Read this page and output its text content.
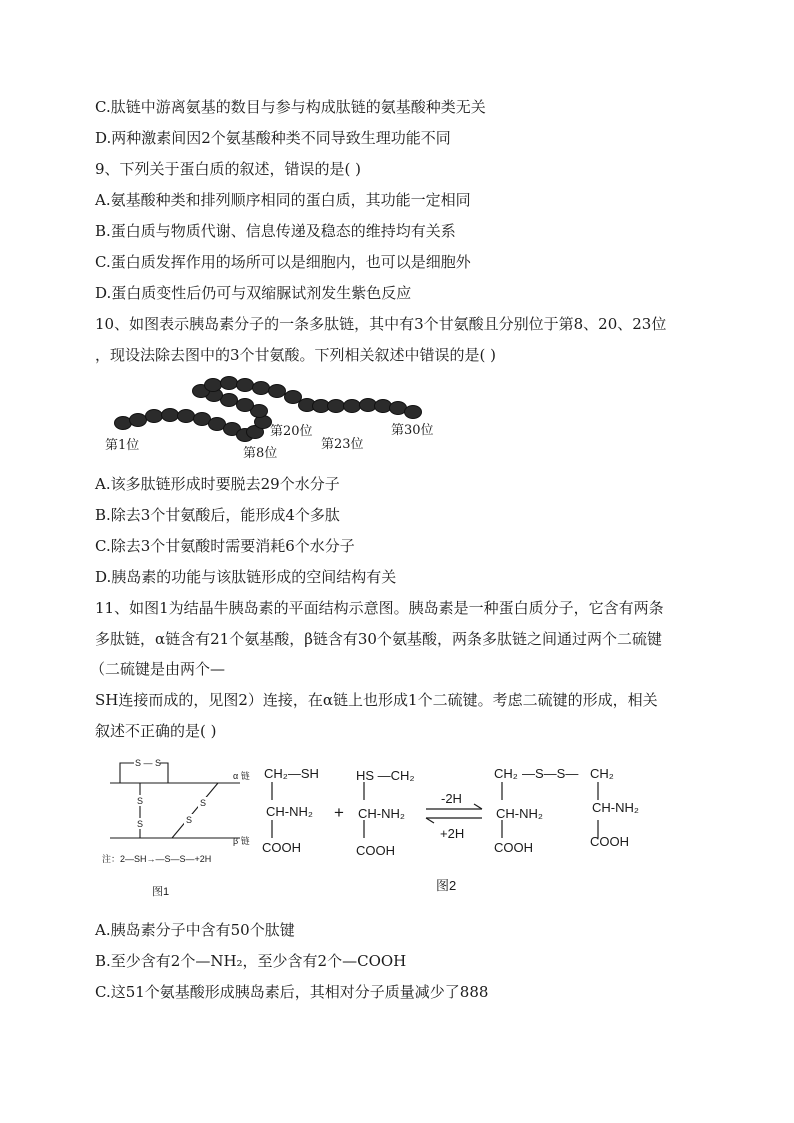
C.肽链中游离氨基的数目与参与构成肽链的氨基酸种类无关
D.两种激素间因2个氨基酸种类不同导致生理功能不同
9、下列关于蛋白质的叙述，错误的是( )
A.氨基酸种类和排列顺序相同的蛋白质，其功能一定相同
B.蛋白质与物质代谢、信息传递及稳态的维持均有关系
C.蛋白质发挥作用的场所可以是细胞内，也可以是细胞外
D.蛋白质变性后仍可与双缩脲试剂发生紫色反应
10、如图表示胰岛素分子的一条多肽链，其中有3个甘氨酸且分别位于第8、20、23位
，现设法除去图中的3个甘氨酸。下列相关叙述中错误的是( )
第1位
第8位
第20位
第23位
第30位
A.该多肽链形成时要脱去29个水分子
B.除去3个甘氨酸后，能形成4个多肽
C.除去3个甘氨酸时需要消耗6个水分子
D.胰岛素的功能与该肽链形成的空间结构有关
11、如图1为结晶牛胰岛素的平面结构示意图。胰岛素是一种蛋白质分子，它含有两条
多肽链，α链含有21个氨基酸，β链含有30个氨基酸，两条多肽链之间通过两个二硫键
（二硫键是由两个—
SH连接而成的，见图2）连接，在α链上也形成1个二硫键。考虑二硫键的形成，相关
叙述不正确的是( )
S — S
S
S	S
S
α 链
β 链
注：2—SH→—S—S—+2H
图1
CH₂—SH
CH-NH₂
COOH
+
HS —CH₂
CH-NH₂
COOH
-2H
+2H
CH₂ —S—S— CH₂
CH-NH₂
COOH
CH-NH₂
COOH
图2
A.胰岛素分子中含有50个肽键
B.至少含有2个—NH₂，至少含有2个—COOH
C.这51个氨基酸形成胰岛素后，其相对分子质量减少了888
